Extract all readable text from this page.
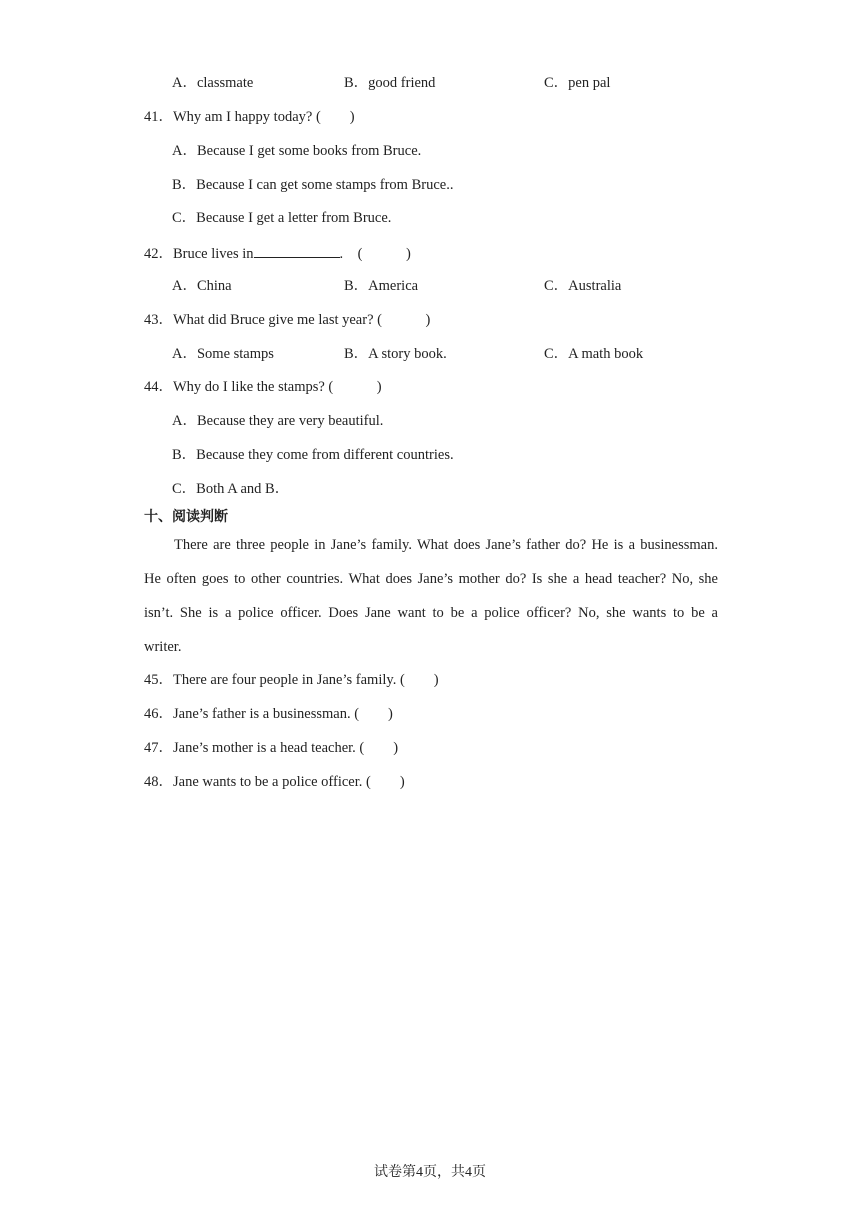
A．classmate	B．good friend	C．pen pal
41．Why am I happy today? (　　)
A．Because I get some books from Bruce.
B．Because I can get some stamps from Bruce..
C．Because I get a letter from Bruce.
42．Bruce lives in	.　(　　　)
A．China	B．America	C．Australia
43．What did Bruce give me last year? (　　　)
A．Some stamps	B．A story book.	C．A math book
44．Why do I like the stamps? (　　　)
A．Because they are very beautiful.
B．Because they come from different countries.
C．Both A and B．
十、阅读判断
There are three people in Jane’s family. What does Jane’s father do? He is a businessman.
He often goes to other countries. What does Jane’s mother do? Is she a head teacher? No, she
isn’t. She is a police officer. Does Jane want to be a police officer? No, she wants to be a
writer.
45．There are four people in Jane’s family. (　　)
46．Jane’s father is a businessman. (　　)
47．Jane’s mother is a head teacher. (　　)
48．Jane wants to be a police officer. (　　)
试卷第4页，共4页
